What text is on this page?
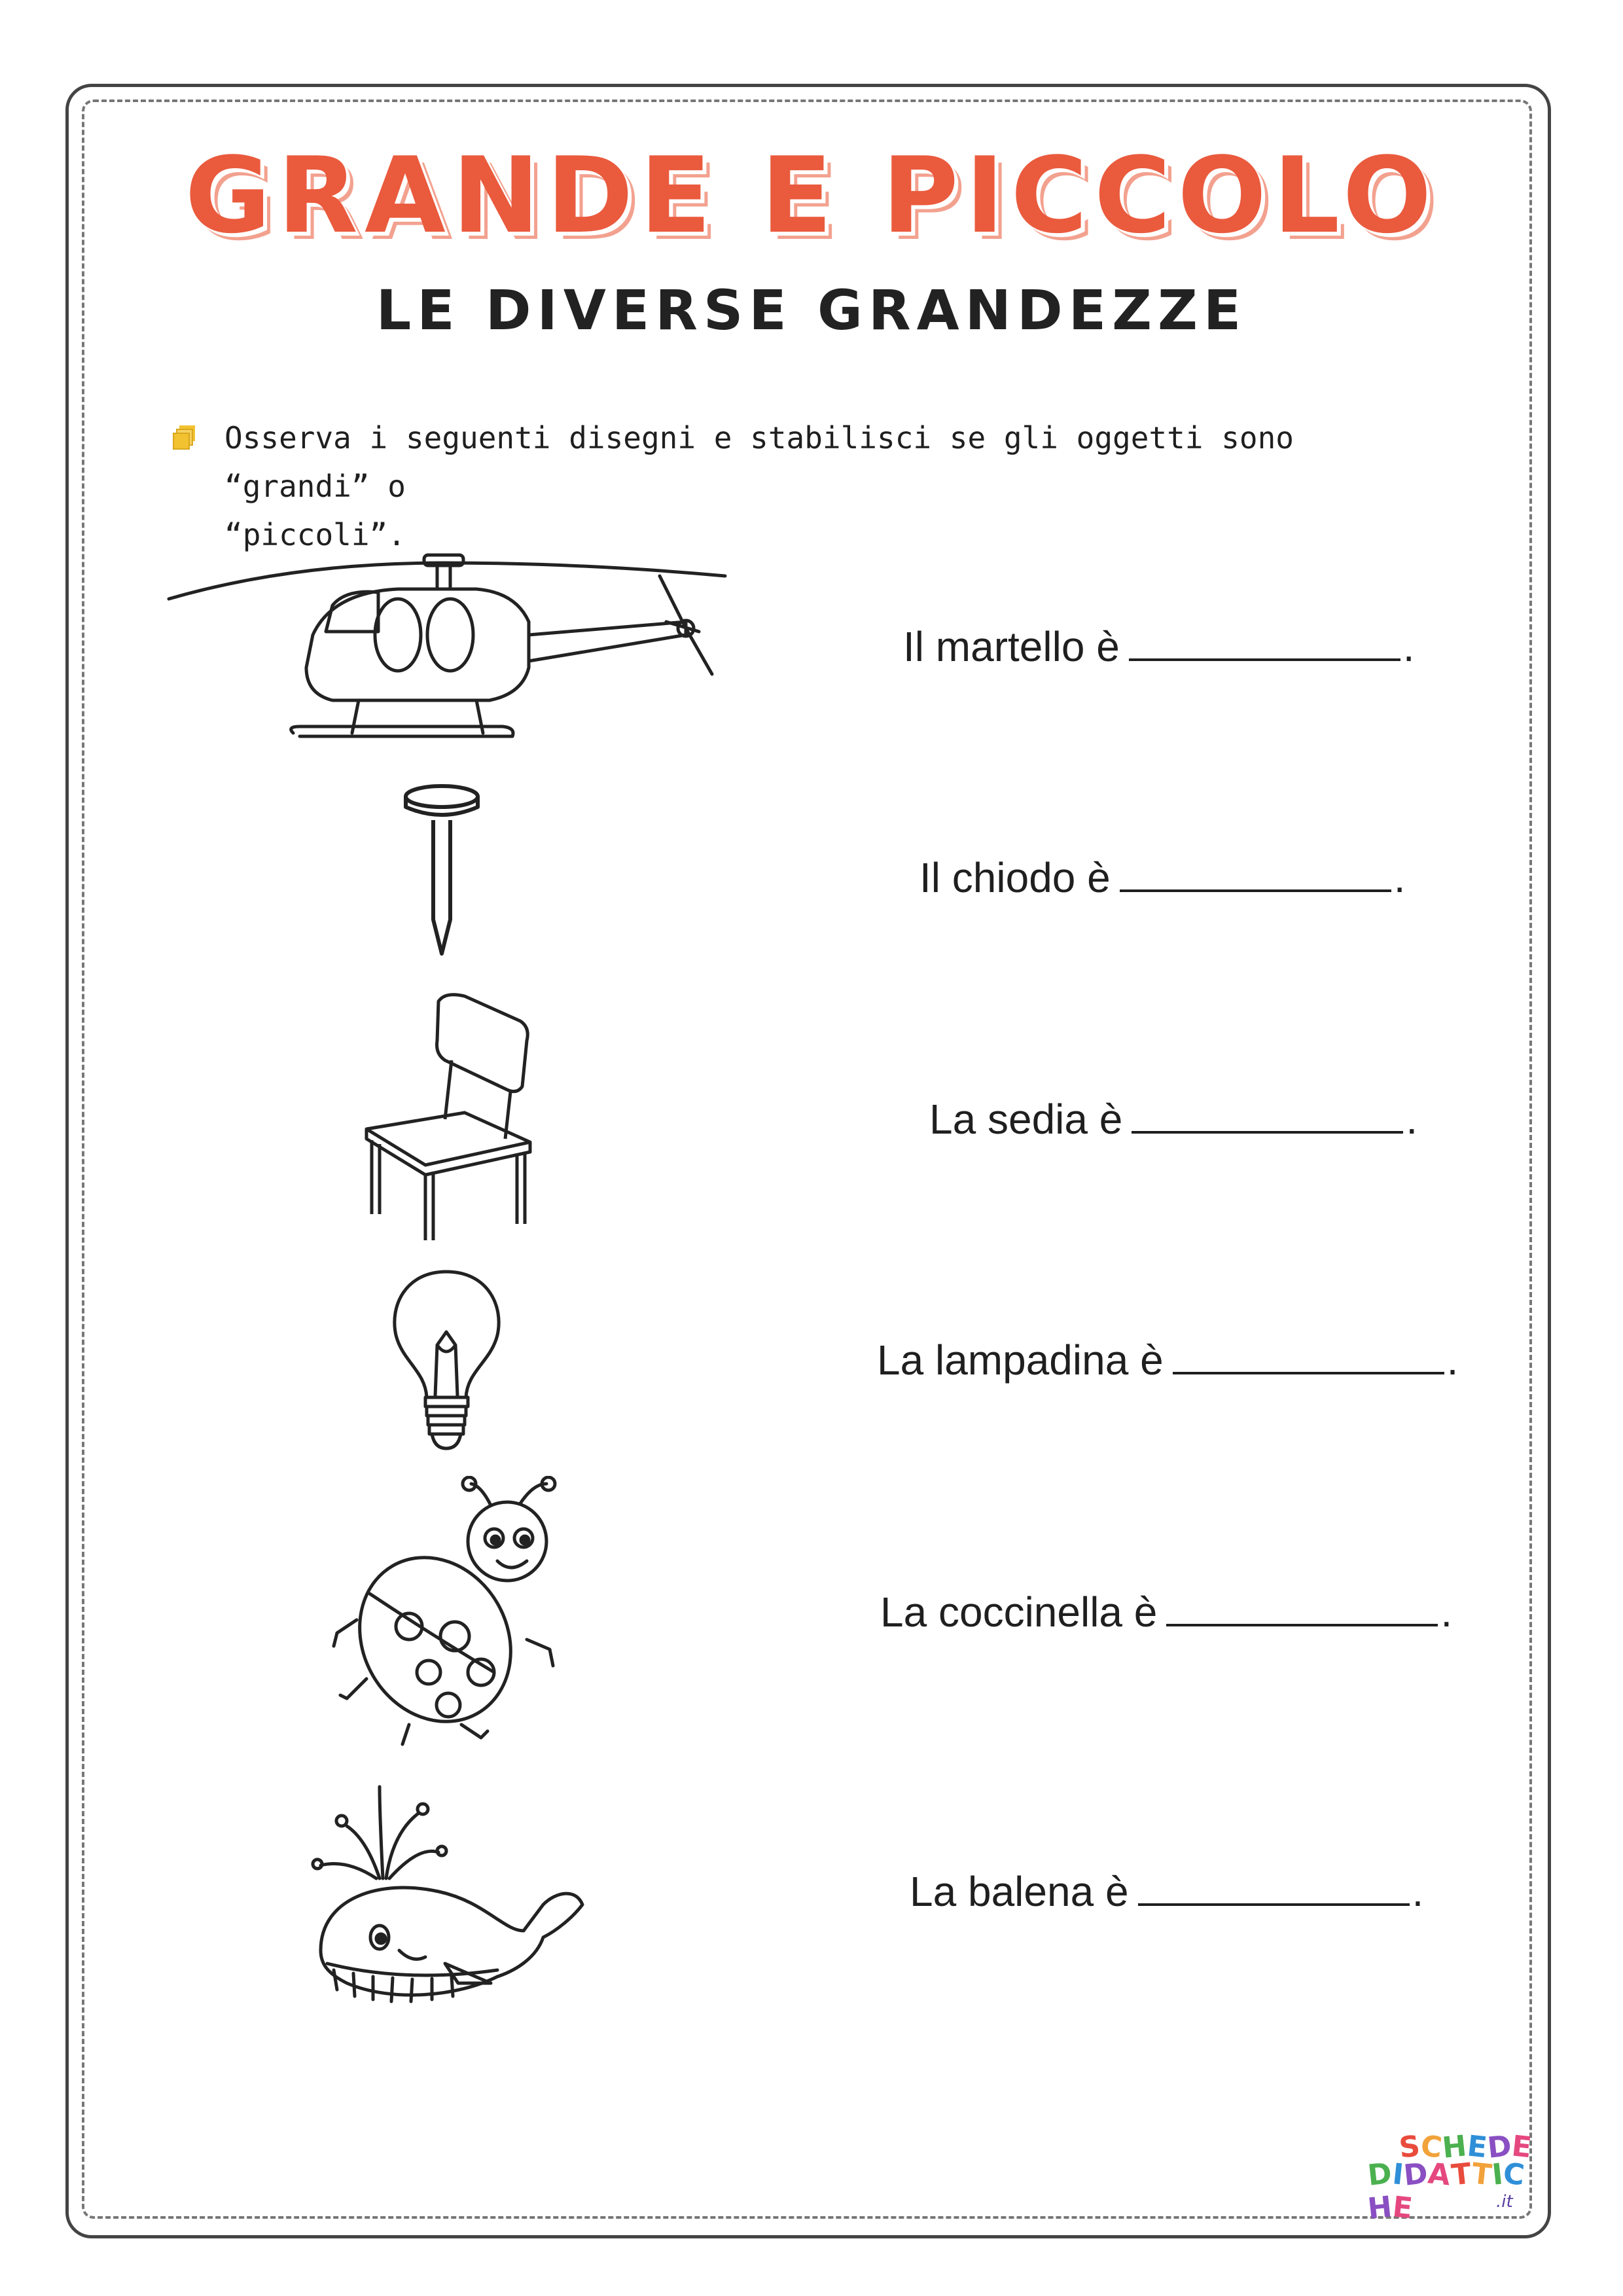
GRANDE E PICCOLO
LE DIVERSE GRANDEZZE
Osserva i seguenti disegni e stabilisci se gli oggetti sono “grandi” o
“piccoli”.
Il martello è	.
Il chiodo è	.
La sedia è	.
La lampadina è	.
La coccinella è	.
La balena è	.
SCHEDE
DIDATTICHE	.it
